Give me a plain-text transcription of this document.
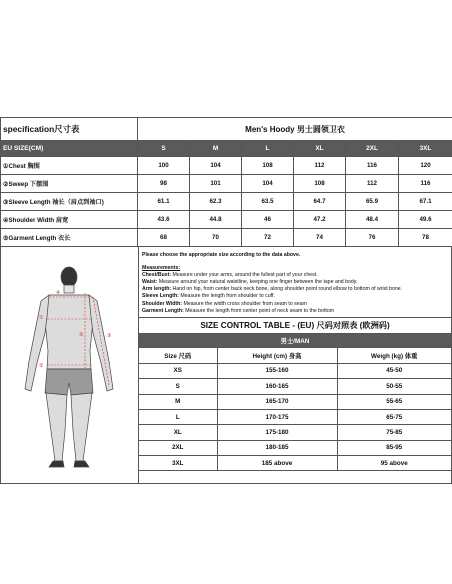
specification尺寸表	Men's Hoody 男士圆领卫衣					
EU SIZE(CM)	S	M	L	XL	2XL	3XL
①Chest 胸围	100	104	108	112	116	120
②Sweep 下摆围	98	101	104	108	112	116
③Sleeve Length 袖长（肩点到袖口)	61.1	62.3	63.5	64.7	65.9	67.1
④Shoulder Width 肩宽	43.6	44.8	46	47.2	48.4	49.6
⑤Garment Length 衣长	68	70	72	74	76	78
④
①
②
③
⑤
Please choose the appropriate size according to the data above.
Measurements:
Chest/Bust: Measure under your arms, around the fullest part of your chest.
Waist: Measure around your natural waistline, keeping one finger between the tape and body.
Arm length: Hand on hip, from center back neck bone, along shoulder point round elbow to bottom of wrist bone.
Sleeve Length: Measure the length from shoulder to cuff.
Shoulder Width: Measure the width cross shoulder from seam to seam
Garment Length: Measure the length from center point of neck seam to the bottom
SIZE CONTROL TABLE - (EU) 尺码对照表 (欧洲码)		
男士/MAN		
Size 尺码	Height (cm) 身高	Weigh (kg) 体重
XS	155-160	45-50
S	160-165	50-55
M	165-170	55-65
L	170-175	65-75
XL	175-180	75-85
2XL	180-185	85-95
3XL	185 above	95 above
